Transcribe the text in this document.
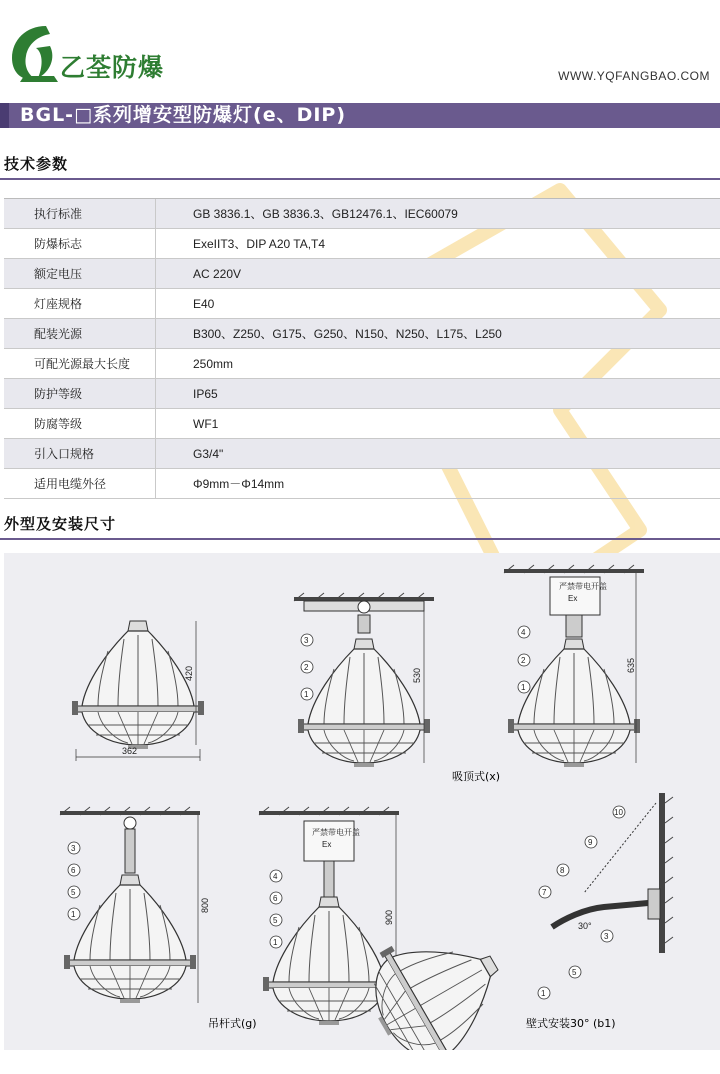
乙荃防爆	WWW.YQFANGBAO.COM
BGL-□系列增安型防爆灯(e、DIP)
技术参数
执行标准	GB 3836.1、GB 3836.3、GB12476.1、IEC60079
防爆标志	ExeIIT3、DIP A20 TA,T4
额定电压	AC 220V
灯座规格	E40
配装光源	B300、Z250、G175、G250、N150、N250、L175、L250
可配光源最大长度	250mm
防护等级	IP65
防腐等级	WF1
引入口规格	G3/4"
适用电缆外径	Φ9mm－Φ14mm
外型及安装尺寸
362
420	530
3
2
1
吸顶式(x)
严禁带电开盖
Ex
635
4
2
1
800
3
6
5
1
吊杆式(g)
严禁带电开盖
Ex
900
4
6
5
1
30°
10
9
8
7
3
5
1
壁式安装30° (b1)
